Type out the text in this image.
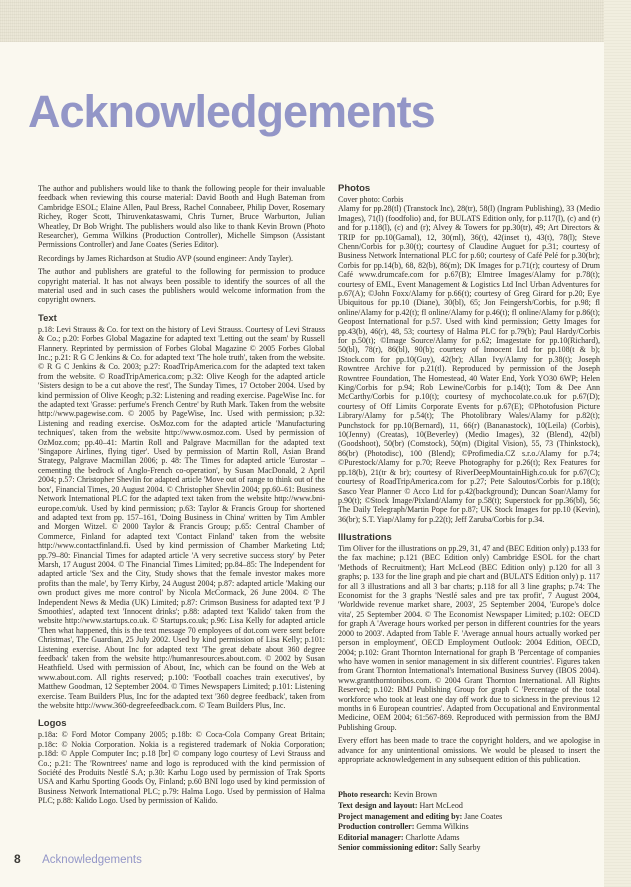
Acknowledgements

The author and publishers would like to thank the following people for their invaluable feedback when reviewing this course material: David Booth and Hugh Bateman from Cambridge ESOL; Elaine Allen, Paul Bress, Rachel Connabeer, Philip Dover, Rosemary Richey, Roger Scott, Thiruvenkataswami, Chris Turner, Bruce Warburton, Julian Wheatley, Dr Bob Wright. The publishers would also like to thank Kevin Brown (Photo Researcher), Gemma Wilkins (Production Controller), Michelle Simpson (Assistant Permissions Controller) and Jane Coates (Series Editor).

Recordings by James Richardson at Studio AVP (sound engineer: Andy Tayler).

The author and publishers are grateful to the following for permission to produce copyright material. It has not always been possible to identify the sources of all the material used and in such cases the publishers would welcome information from the copyright owners.

Text

p.18: Levi Strauss & Co. for text on the history of Levi Strauss. Courtesy of Levi Strauss & Co.; p.20: Forbes Global Magazine for adapted text 'Letting out the seam' by Russell Flannery. Reprinted by permission of Forbes Global Magazine © 2005 Forbes Global Inc.; p.21: R G C Jenkins & Co. for adapted text 'The hole truth', taken from the website. © R G C Jenkins & Co. 2003; p.27: RoadTripAmerica.com for the adapted text taken from the website. © RoadTripAmerica.com; p.32: Olive Keogh for the adapted article 'Sisters design to be a cut above the rest', The Sunday Times, 17 October 2004. Used by kind permission of Olive Keogh; p.32: Listening and reading exercise. PageWise Inc. for the adapted text 'Grasse: perfume's French Centre' by Ruth Mark. Taken from the website http://www.pagewise.com. © 2005 by PageWise, Inc. Used with permission; p.32: Listening and reading exercise. OsMoz.com for the adapted article 'Manufacturing techniques', taken from the website http://www.osmoz.com. Used by permission of OzMoz.com; pp.40–41: Martin Roll and Palgrave Macmillan for the adapted text 'Singapore Airlines, flying tiger'. Used by permission of Martin Roll, Asian Brand Strategy, Palgrave Macmillan 2006; p. 48: The Times for adapted article 'Eurostar – cementing the bedrock of Anglo-French co-operation', by Susan MacDonald, 2 April 2004; p.57: Christopher Shevlin for adapted article 'Move out of range to think out of the box', Financial Times, 20 August 2004. © Christopher Shevlin 2004; pp.60–61: Business Network International PLC for the adapted text taken from the website http://www.bni-europe.com/uk. Used by kind permission; p.63: Taylor & Francis Group for shortened and adapted text from pp. 157–161, 'Doing Business in China' written by Tim Ambler and Morgen Witzel. © 2000 Taylor & Francis Group; p.65: Central Chamber of Commerce, Finland for adapted text 'Contact Finland' taken from the website http://www.contactfinland.fi. Used by kind permission of Chamber Marketing Ltd; pp.79–80: Financial Times for adapted article 'A very secretive success story' by Peter Marsh, 17 August 2004. © The Financial Times Limited; pp.84–85: The Independent for adapted article 'Sex and the City, Study shows that the female investor makes more profits than the male', by Terry Kirby, 24 August 2004; p.87: adapted article 'Making our own product gives me more control' by Nicola McCormack, 26 June 2004. © The Independent News & Media (UK) Limited; p.87: Crimson Business for adapted text 'P J Smoothies', adapted text 'Innocent drinks'; p.88: adapted text 'Kalido' taken from the website http://www.startups.co.uk. © Startups.co.uk; p.96: Lisa Kelly for adapted article 'Then what happened, this is the text message 70 employees of dot.com were sent before Christmas', The Guardian, 25 July 2002. Used by kind permission of Lisa Kelly; p.101: Listening exercise. About Inc for adapted text 'The great debate about 360 degree feedback' taken from the website http://humanresources.about.com. © 2002 by Susan Heathfield. Used with permission of About, Inc, which can be found on the Web at www.about.com. All rights reserved; p.100: 'Football coaches train executives', by Matthew Goodman, 12 September 2004. © Times Newspapers Limited; p.101: Listening exercise. Team Builders Plus, Inc for the adapted text '360 degree feedback', taken from the website http://www.360-degreefeedback.com. © Team Builders Plus, Inc.

Logos

p.18a: © Ford Motor Company 2005; p.18b: © Coca-Cola Company Great Britain; p.18c: © Nokia Corporation. Nokia is a registered trademark of Nokia Corporation; p.18d: © Apple Computer Inc; p.18 [br] © company logo courtesy of Levi Strauss and Co.; p.21: The 'Rowntrees' name and logo is reproduced with the kind permission of Société des Produits Nestlé S.A; p.30: Karhu Logo used by permission of Trak Sports USA and Karhu Sporting Goods Oy, Finland; p.60 BNI logo used by kind permission of Business Network International PLC; p.79: Halma Logo. Used by permission of Halma PLC; p.88: Kalido Logo. Used by permission of Kalido.

Photos

Cover photo: Corbis

Alamy for pp.28(tl) (Transtock Inc), 28(tr), 58(l) (Ingram Publishing), 33 (Medio Images), 71(l) (foodfolio) and, for BULATS Edition only, for p.117(l), (c) and (r) and for p.118(l), (c) and (r); Alvey & Towers for pp.30(tr), 49; Art Directors & TRIP for pp.10(Gamal), 12, 30(ml), 36(t), 42(inset t), 43(t), 78(l); Steve Chenn/Corbis for p.30(t); courtesy of Claudine Auguet for p.31; courtesy of Business Network International PLC for p.60; courtesy of Café Pelé for p.30(br); Corbis for pp.14(b), 68, 82(b), 86(m); DK Images for p.71(r); courtesy of Drum Café www.drumcafe.com for p.67(B); Elmtree Images/Alamy for p.78(t); courtesy of EML, Event Management & Logistics Ltd Incl Urban Adventures for p.67(A); ©John Foxx/Alamy for p.66(t); courtesy of Greg Girard for p.20; Eye Ubiquitous for pp.10 (Diane), 30(bl), 65; Jon Feingersh/Corbis, for p.98; fl online/Alamy for p.42(t); fl online/Alamy for p.46(t); fl online/Alamy for p.86(t); Geopost International for p.57. Used with kind permission; Getty Images for pp.43(b), 46(r), 48, 53; courtesy of Halma PLC for p.79(b); Paul Hardy/Corbis for p.50(t); ©Image Source/Alamy for p.62; Imagestate for pp.10(Richard), 50(bl), 78(r), 86(bl), 90(b); courtesy of Innocent Ltd for pp.108(t & b); IStock.com for pp.10(Guy), 42(br); Allan Ivy/Alamy for p.38(t); Joseph Rowntree Archive for p.21(tl). Reproduced by permission of the Joseph Rowntree Foundation, The Homestead, 40 Water End, York YO30 6WP; Helen King/Corbis for p.94; Rob Lewine/Corbis for p.14(t); Tom & Dee Ann McCarthy/Corbis for p.10(t); courtesy of mychocolate.co.uk for p.67(D); courtesy of Off Limits Corporate Events for p.67(E); ©Photofusion Picture Library/Alamy for p.54(t); The Photolibrary Wales/Alamy for p.82(t); Punchstock for pp.10(Bernard), 11, 66(r) (Bananastock), 10(Leila) (Corbis), 10(Jenny) (Creatas), 10(Beverley) (Medio Images), 32 (Blend), 42(bl) (Goodshoot), 50(br) (Comstock), 50(m) (Digital Vision), 55, 73 (Thinkstock), 86(br) (Photodisc), 100 (Blend); ©Profimedia.CZ s.r.o./Alamy for p.74; ©Purestock/Alamy for p.70; Reeve Photography for p.26(t); Rex Features for pp.18(b), 21(tr & br); courtesy of RiverDeepMountainHigh.co.uk for p.67(C); courtesy of RoadTripAmerica.com for p.27; Pete Saloutos/Corbis for p.18(t); Sasco Year Planner © Acco Ltd for p.42(background); Duncan Soar/Alamy for p.90(t); ©Stock Image/Pixland/Alamy for p.58(t); Superstock for pp.36(bl), 56; The Daily Telegraph/Martin Pope for p.87; UK Stock Images for pp.10 (Kevin), 36(br); S.T. Yiap/Alamy for p.22(t); Jeff Zaruba/Corbis for p.34.

Illustrations

Tim Oliver for the illustrations on pp.29, 31, 47 and (BEC Edition only) p.133 for the fax machine; p.121 (BEC Edition only) Cambridge ESOL for the chart 'Methods of Recruitment); Hart McLeod (BEC Edition only) p.120 for all 3 graphs; p. 133 for the line graph and pie chart and (BULATS Edition only) p. 117 for all 3 illustrations and all 3 bar charts; p.118 for all 3 line graphs; p.74: The Economist for the 3 graphs 'Nestlé sales and pre tax profit', 7 August 2004, 'Worldwide revenue market share, 2003', 25 September 2004, 'Europe's dolce vita', 25 September 2004. © The Economist Newspaper Limited; p.102: OECD for graph A 'Average hours worked per person in different countries for the years 2000 to 2003'. Adapted from Table F. 'Average annual hours actually worked per person in employment', OECD Employment Outlook: 2004 Edition, OECD, 2004; p.102: Grant Thornton International for graph B 'Percentage of companies who have women in senior management in six different countries'. Figures taken from Grant Thornton International's International Business Survey (IBOS 2004). www.grantthorntonibos.com. © 2004 Grant Thornton International. All Rights Reserved; p.102: BMJ Publishing Group for graph C 'Percentage of the total workforce who took at least one day off work due to sickness in the previous 12 months in 6 European countries'. Adapted from Occupational and Environmental Medicine, OEM 2004; 61:567-869. Reproduced with permission from the BMJ Publishing Group.

Every effort has been made to trace the copyright holders, and we apologise in advance for any unintentional omissions. We would be pleased to insert the appropriate acknowledgement in any subsequent edition of this publication.

Photo research: Kevin Brown
Text design and layout: Hart McLeod
Project management and editing by: Jane Coates
Production controller: Gemma Wilkins
Editorial manager: Charlotte Adams
Senior commissioning editor: Sally Searby
8 Acknowledgements
